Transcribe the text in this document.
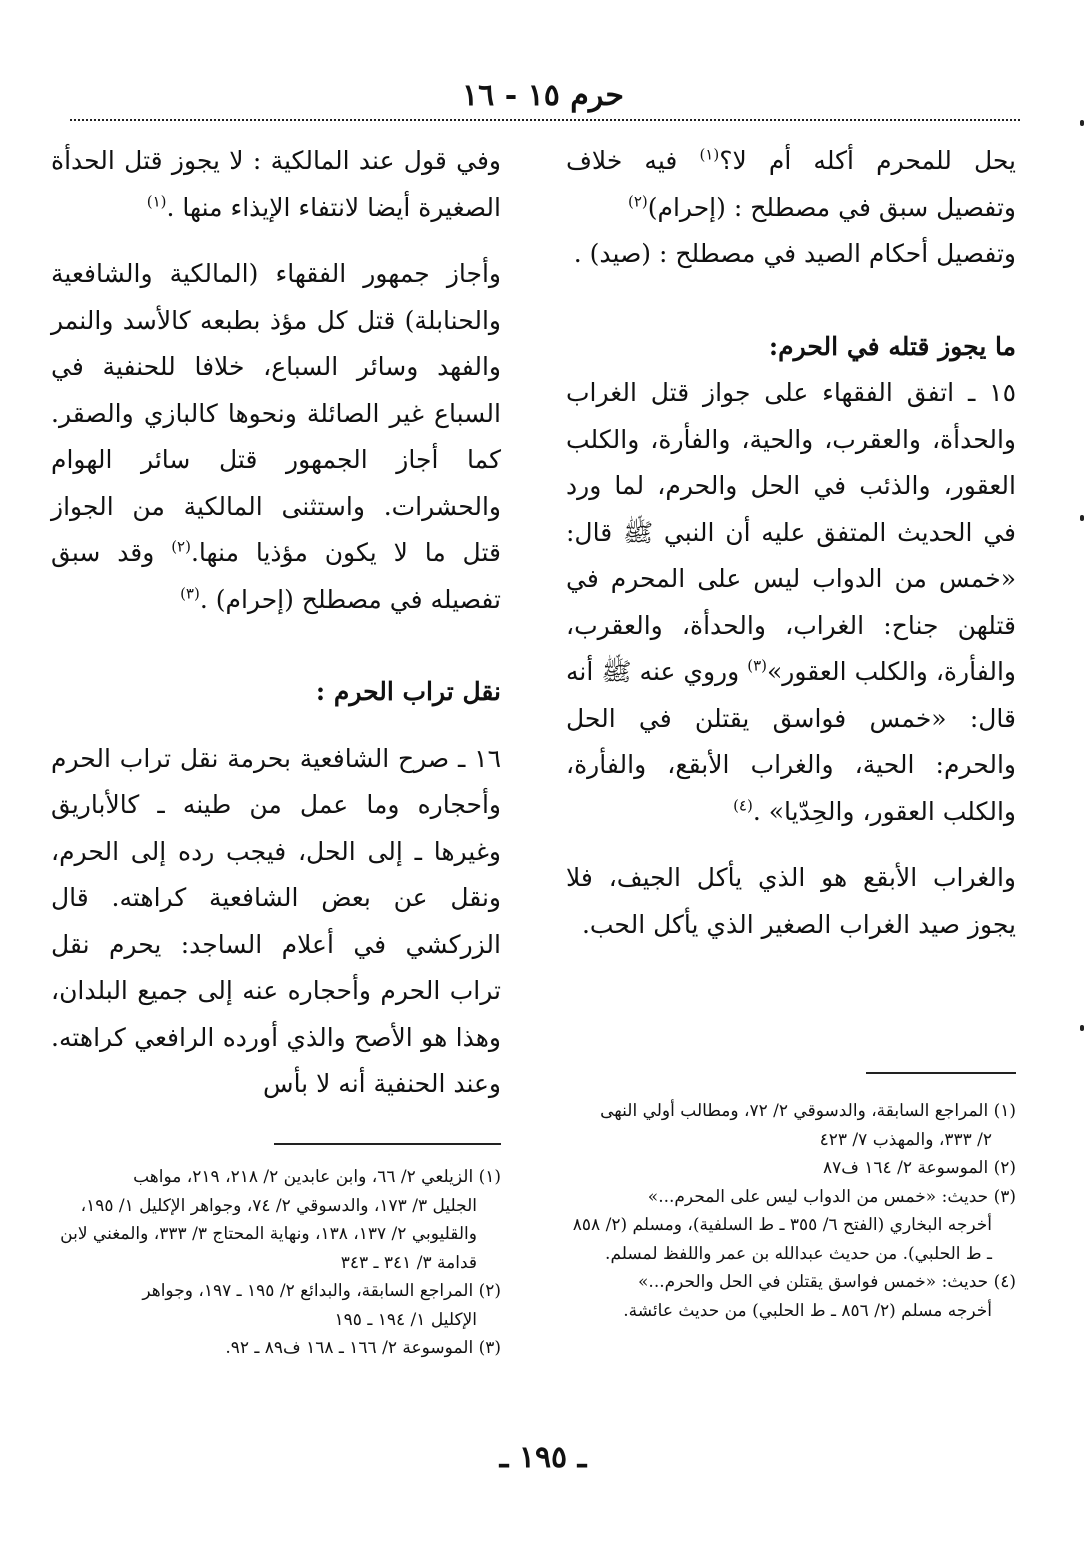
حرم ١٥ - ١٦

يحل للمحرم أكله أم لا؟$^{(١)}$ فيه خلاف وتفصيل سبق في مصطلح : (إحرام)$^{(٢)}$

وتفصيل أحكام الصيد في مصطلح : (صيد) .

ما يجوز قتله في الحرم:

١٥ ـ اتفق الفقهاء على جواز قتل الغراب والحدأة، والعقرب، والحية، والفأرة، والكلب العقور، والذئب في الحل والحرم، لما ورد في الحديث المتفق عليه أن النبي ﷺ قال: «خمس من الدواب ليس على المحرم في قتلهن جناح: الغراب، والحدأة، والعقرب، والفأرة، والكلب العقور»$^{(٣)}$ وروي عنه ﷺ أنه قال: «خمس فواسق يقتلن في الحل والحرم: الحية، والغراب الأبقع، والفأرة، والكلب العقور، والحِدّيا» .$^{(٤)}$

والغراب الأبقع هو الذي يأكل الجيف، فلا يجوز صيد الغراب الصغير الذي يأكل الحب.

وفي قول عند المالكية : لا يجوز قتل الحدأة الصغيرة أيضا لانتفاء الإيذاء منها .$^{(١)}$

وأجاز جمهور الفقهاء (المالكية والشافعية والحنابلة) قتل كل مؤذ بطبعه كالأسد والنمر والفهد وسائر السباع، خلافا للحنفية في السباع غير الصائلة ونحوها كالبازي والصقر. كما أجاز الجمهور قتل سائر الهوام والحشرات. واستثنى المالكية من الجواز قتل ما لا يكون مؤذيا منها.$^{(٢)}$ وقد سبق تفصيله في مصطلح (إحرام) .$^{(٣)}$

نقل تراب الحرم :

١٦ ـ صرح الشافعية بحرمة نقل تراب الحرم وأحجاره وما عمل من طينه ـ كالأباريق وغيرها ـ إلى الحل، فيجب رده إلى الحرم، ونقل عن بعض الشافعية كراهته. قال الزركشي في أعلام الساجد: يحرم نقل تراب الحرم وأحجاره عنه إلى جميع البلدان، وهذا هو الأصح والذي أورده الرافعي كراهته. وعند الحنفية أنه لا بأس

(١) المراجع السابقة، والدسوقي ٢/ ٧٢، ومطالب أولي النهى
٢/ ٣٣٣، والمهذب ٧/ ٤٢٣
(٢) الموسوعة ٢/ ١٦٤ ف٨٧
(٣) حديث: «خمس من الدواب ليس على المحرم...»
أخرجه البخاري (الفتح ٦/ ٣٥٥ ـ ط السلفية)، ومسلم (٢/ ٨٥٨ ـ ط الحلبي). من حديث عبدالله بن عمر واللفظ لمسلم.
(٤) حديث: «خمس فواسق يقتلن في الحل والحرم...»
أخرجه مسلم (٢/ ٨٥٦ ـ ط الحلبي) من حديث عائشة.
(١) الزيلعي ٢/ ٦٦، وابن عابدين ٢/ ٢١٨، ٢١٩، مواهب
الجليل ٣/ ١٧٣، والدسوقي ٢/ ٧٤، وجواهر الإكليل ١/ ١٩٥، والقليوبي ٢/ ١٣٧، ١٣٨، ونهاية المحتاج ٣/ ٣٣٣، والمغني لابن قدامة ٣/ ٣٤١ ـ ٣٤٣
(٢) المراجع السابقة، والبدائع ٢/ ١٩٥ ـ ١٩٧، وجواهر
الإكليل ١/ ١٩٤ ـ ١٩٥
(٣) الموسوعة ٢/ ١٦٦ ـ ١٦٨ ف٨٩ ـ ٩٢.
ـ ١٩٥ ـ
